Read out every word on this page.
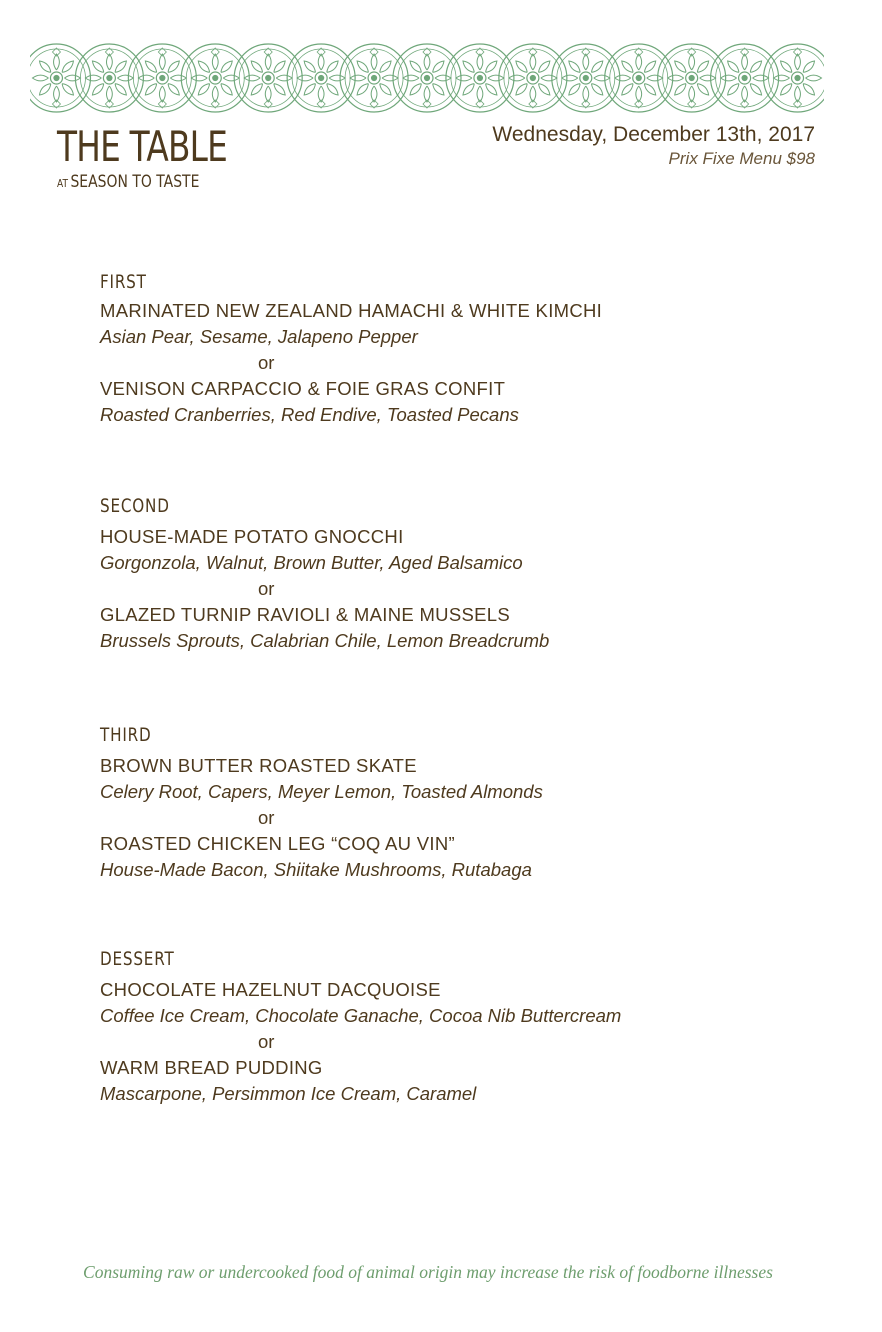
THE TABLE
AT SEASON TO TASTE
Wednesday, December 13th, 2017
Prix Fixe Menu $98
FIRST
MARINATED NEW ZEALAND HAMACHI & WHITE KIMCHI
Asian Pear, Sesame, Jalapeno Pepper
or
VENISON CARPACCIO & FOIE GRAS CONFIT
Roasted Cranberries, Red Endive, Toasted Pecans
SECOND
HOUSE-MADE POTATO GNOCCHI
Gorgonzola, Walnut, Brown Butter, Aged Balsamico
or
GLAZED TURNIP RAVIOLI & MAINE MUSSELS
Brussels Sprouts, Calabrian Chile, Lemon Breadcrumb
THIRD
BROWN BUTTER ROASTED SKATE
Celery Root, Capers, Meyer Lemon, Toasted Almonds
or
ROASTED CHICKEN LEG “COQ AU VIN”
House-Made Bacon, Shiitake Mushrooms, Rutabaga
DESSERT
CHOCOLATE HAZELNUT DACQUOISE
Coffee Ice Cream, Chocolate Ganache, Cocoa Nib Buttercream
or
WARM BREAD PUDDING
Mascarpone, Persimmon Ice Cream, Caramel
Consuming raw or undercooked food of animal origin may increase the risk of foodborne illnesses
